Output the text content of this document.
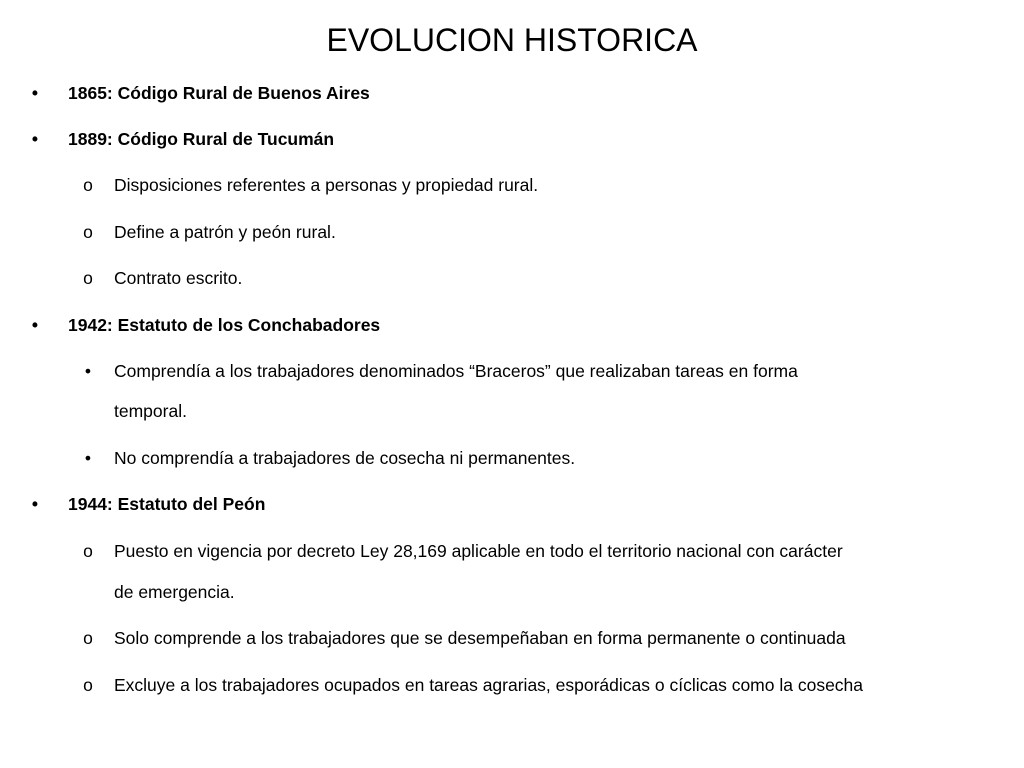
EVOLUCION HISTORICA
•	1865: Código Rural de Buenos Aires
•	1889: Código Rural de Tucumán
o Disposiciones referentes a personas y propiedad rural.
o Define a patrón y peón rural.
o Contrato escrito.
•	1942: Estatuto de los Conchabadores
•	Comprendía a los trabajadores denominados “Braceros” que realizaban tareas en forma
temporal.
•	No comprendía a trabajadores de cosecha ni permanentes.
•	1944: Estatuto del Peón
o Puesto en vigencia por decreto Ley 28,169 aplicable en todo el territorio nacional con carácter
de emergencia.
o Solo comprende a los trabajadores que se desempeñaban en forma permanente o continuada
o Excluye a los trabajadores ocupados en tareas agrarias, esporádicas o cíclicas como la cosecha
